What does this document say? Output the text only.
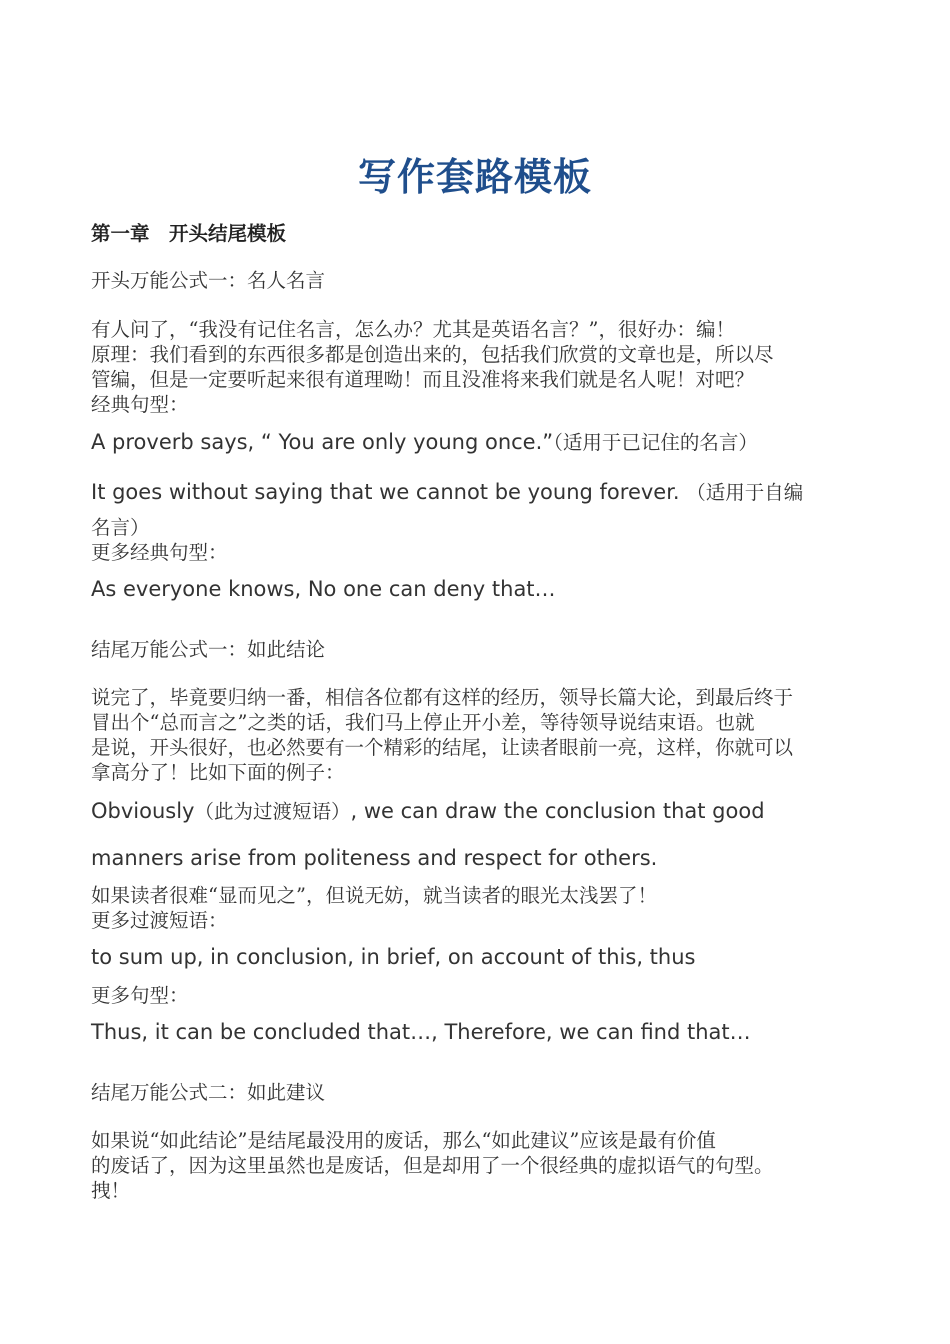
写作套路模板
第一章　开头结尾模板
开头万能公式一：名人名言
有人问了，“我没有记住名言，怎么办？尤其是英语名言？”，很好办：编！
原理：我们看到的东西很多都是创造出来的，包括我们欣赏的文章也是，所以尽
管编，但是一定要听起来很有道理呦！而且没准将来我们就是名人呢！对吧？
经典句型：
A proverb says, “ You are only young once.”（适用于已记住的名言）
It goes without saying that we cannot be young forever. （适用于自编
名言）
更多经典句型：
As everyone knows, No one can deny that…
结尾万能公式一：如此结论
说完了，毕竟要归纳一番，相信各位都有这样的经历，领导长篇大论，到最后终于
冒出个“总而言之”之类的话，我们马上停止开小差，等待领导说结束语。也就
是说，开头很好，也必然要有一个精彩的结尾，让读者眼前一亮，这样，你就可以
拿高分了！比如下面的例子：
Obviously（此为过渡短语）, we can draw the conclusion that good
manners arise from politeness and respect for others.
如果读者很难“显而见之”，但说无妨，就当读者的眼光太浅罢了！
更多过渡短语：
to sum up, in conclusion, in brief, on account of this, thus
更多句型：
Thus, it can be concluded that…, Therefore, we can find that…
结尾万能公式二：如此建议
如果说“如此结论”是结尾最没用的废话，那么“如此建议”应该是最有价值
的废话了，因为这里虽然也是废话，但是却用了一个很经典的虚拟语气的句型。
拽！
